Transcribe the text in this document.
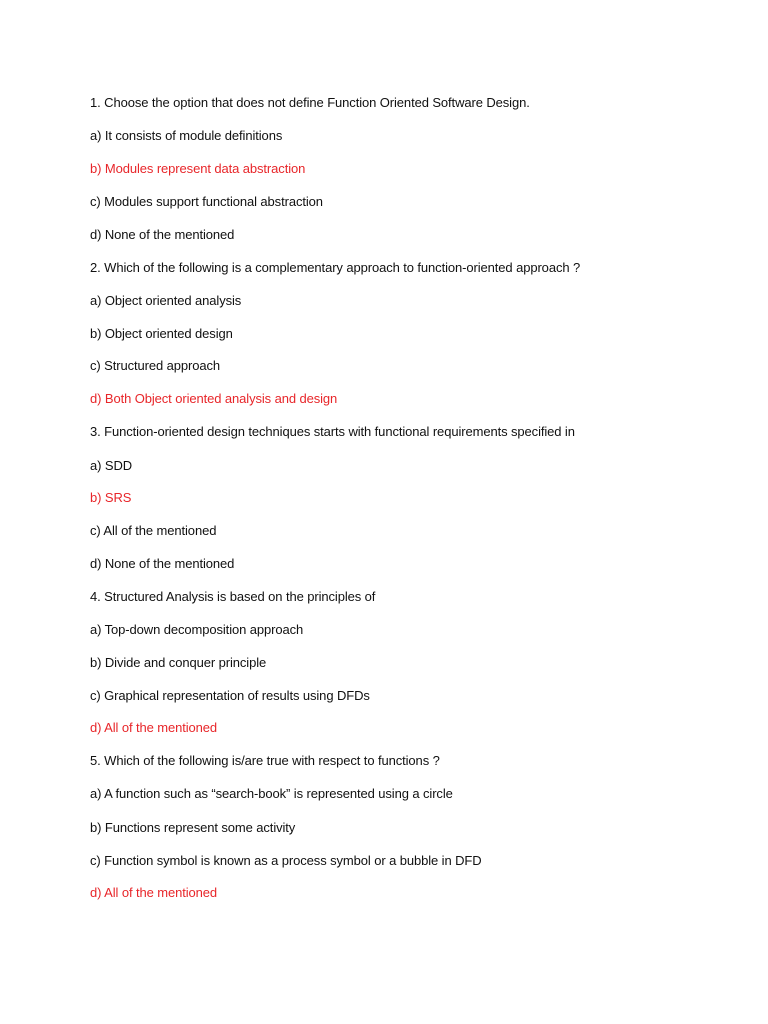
1. Choose the option that does not define Function Oriented Software Design.
a) It consists of module definitions
b) Modules represent data abstraction
c) Modules support functional abstraction
d) None of the mentioned
2. Which of the following is a complementary approach to function-oriented approach ?
a) Object oriented analysis
b) Object oriented design
c) Structured approach
d) Both Object oriented analysis and design
3. Function-oriented design techniques starts with functional requirements specified in
a) SDD
b) SRS
c) All of the mentioned
d) None of the mentioned
4. Structured Analysis is based on the principles of
a) Top-down decomposition approach
b) Divide and conquer principle
c) Graphical representation of results using DFDs
d) All of the mentioned
5. Which of the following is/are true with respect to functions ?
a) A function such as “search-book” is represented using a circle
b) Functions represent some activity
c) Function symbol is known as a process symbol or a bubble in DFD
d) All of the mentioned
